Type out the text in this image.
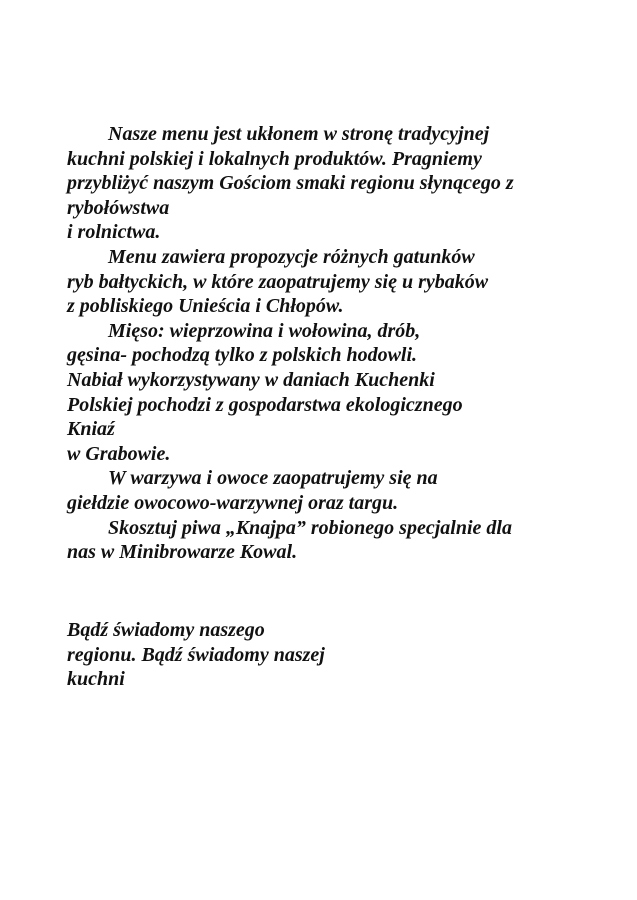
Nasze menu jest ukłonem w stronę tradycyjnej
kuchni polskiej i lokalnych produktów. Pragniemy
przybliżyć naszym Gościom smaki regionu słynącego z
rybołówstwa
i rolnictwa.

Menu zawiera propozycje różnych gatunków
ryb bałtyckich, w które zaopatrujemy się u rybaków
z pobliskiego Unieścia i Chłopów.

Mięso: wieprzowina i wołowina, drób,
gęsina- pochodzą tylko z polskich hodowli.
Nabiał wykorzystywany w daniach Kuchenki
Polskiej pochodzi z gospodarstwa ekologicznego
Kniaź
w Grabowie.

W warzywa i owoce zaopatrujemy się na
giełdzie owocowo-warzywnej oraz targu.

Skosztuj piwa „Knajpa” robionego specjalnie dla
nas w Minibrowarze Kowal.

Bądź świadomy naszego
regionu. Bądź świadomy naszej
kuchni
